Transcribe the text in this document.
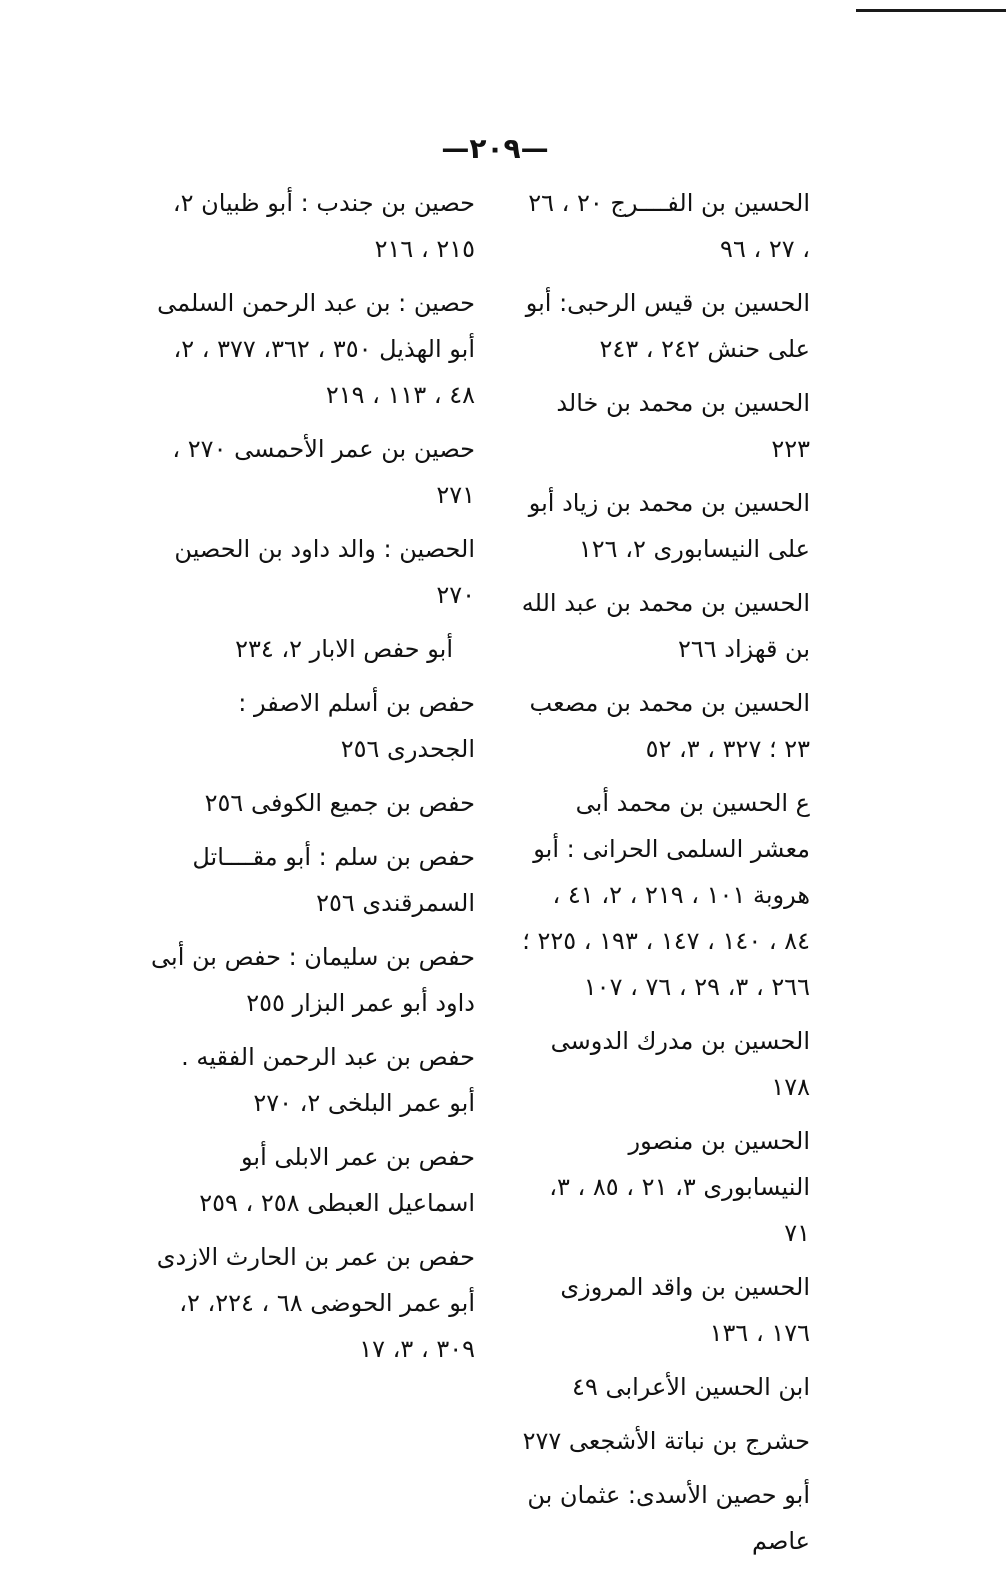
—٢٠٩—

الحسين بن الفــــرج ٢٠ ، ٢٦ ، ٢٧ ، ٩٦

الحسين بن قيس الرحبى: أبو على حنش ٢٤٢ ، ٢٤٣

الحسين بن محمد بن خالد ٢٢٣

الحسين بن محمد بن زياد أبو على النيسابورى ٢، ١٢٦

الحسين بن محمد بن عبد الله بن قهزاد ٢٦٦

الحسين بن محمد بن مصعب ٢٣ ؛ ٣٢٧ ، ٣، ٥٢

ع الحسين بن محمد أبى معشر السلمى الحرانى : أبو هروبة ١٠١ ، ٢١٩ ، ٢، ٤١ ، ٨٤ ، ١٤٠ ، ١٤٧ ، ١٩٣ ، ٢٢٥ ؛ ٢٦٦ ، ٣، ٢٩ ، ٧٦ ، ١٠٧

الحسين بن مدرك الدوسى ١٧٨

الحسين بن منصور النيسابورى ٣، ٢١ ، ٨٥ ، ٣، ٧١

الحسين بن واقد المروزى ١٧٦ ، ١٣٦

ابن الحسين الأعرابى ٤٩

حشرج بن نباتة الأشجعى ٢٧٧

أبو حصين الأسدى: عثمان بن عاصم

حصين بن جندب : أبو ظبيان ٢، ٢١٥ ، ٢١٦

حصين : بن عبد الرحمن السلمى أبو الهذيل ٣٥٠ ، ٣٦٢، ٣٧٧ ، ٢، ٤٨ ، ١١٣ ، ٢١٩

حصين بن عمر الأحمسى ٢٧٠ ، ٢٧١

الحصين : والد داود بن الحصين ٢٧٠

أبو حفص الابار ٢، ٢٣٤

حفص بن أسلم الاصفر : الجحدرى ٢٥٦

حفص بن جميع الكوفى ٢٥٦

حفص بن سلم : أبو مقــــاتل السمرقندى ٢٥٦

حفص بن سليمان : حفص بن أبى داود أبو عمر البزار ٢٥٥

حفص بن عبد الرحمن الفقيه . أبو عمر البلخى ٢، ٢٧٠

حفص بن عمر الابلى أبو اسماعيل العبطى ٢٥٨ ، ٢٥٩

حفص بن عمر بن الحارث الازدى أبو عمر الحوضى ٦٨ ، ٢٢٤، ٢، ٣٠٩ ، ٣، ١٧
